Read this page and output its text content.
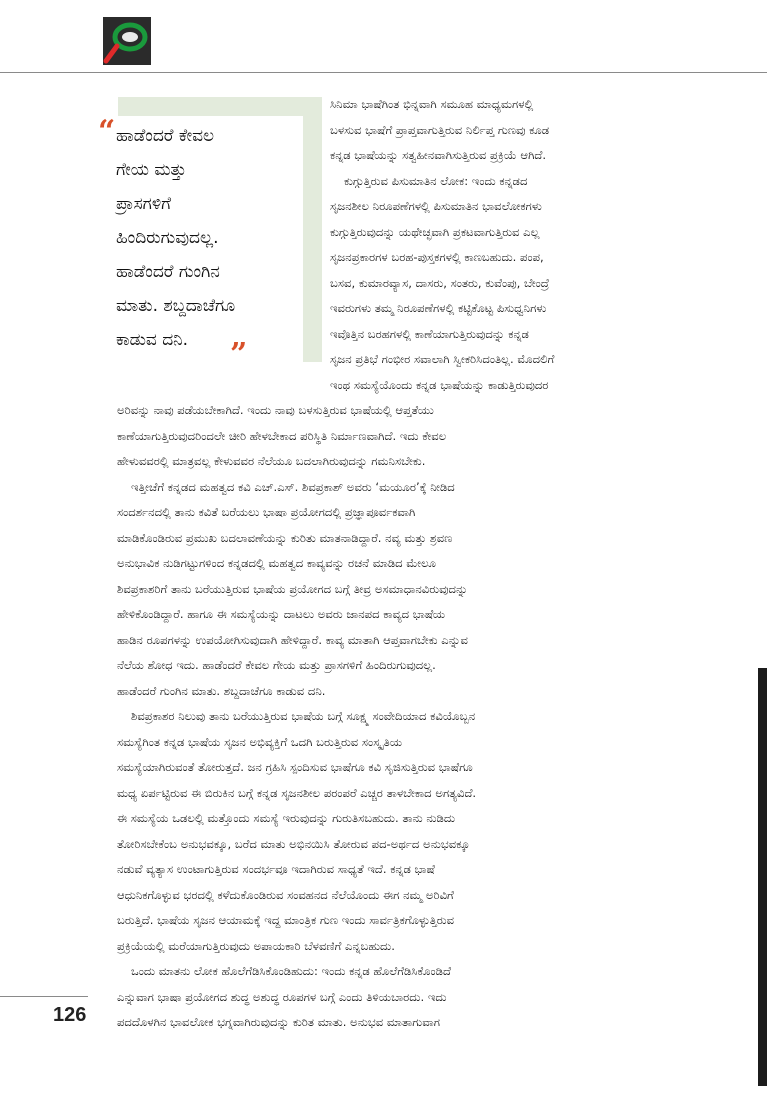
“ ಹಾಡೆಂದರೆ ಕೇವಲ
ಗೇಯ ಮತ್ತು
ಪ್ರಾಸಗಳಿಗೆ
ಹಿಂದಿರುಗುವುದಲ್ಲ.
ಹಾಡೆಂದರೆ ಗುಂಗಿನ
ಮಾತು. ಶಬ್ದದಾಚೆಗೂ
ಕಾಡುವ ದನಿ. ”
ಸಿನಿಮಾ ಭಾಷೆಗಿಂತ ಭಿನ್ನವಾಗಿ ಸಮೂಹ ಮಾಧ್ಯಮಗಳಲ್ಲಿ
ಬಳಸುವ ಭಾಷೆಗೆ ಪ್ರಾಪ್ತವಾಗುತ್ತಿರುವ ನಿರ್ಲಿಪ್ತ ಗುಣವು ಕೂಡ
ಕನ್ನಡ ಭಾಷೆಯನ್ನು ಸತ್ವಹೀನವಾಗಿಸುತ್ತಿರುವ ಪ್ರಕ್ರಿಯೆ ಆಗಿದೆ.
ಕುಗ್ಗುತ್ತಿರುವ ಪಿಸುಮಾತಿನ ಲೋಕ: ಇಂದು ಕನ್ನಡದ
ಸೃಜನಶೀಲ ನಿರೂಪಣೆಗಳಲ್ಲಿ ಪಿಸುಮಾತಿನ ಭಾವಲೋಕಗಳು
ಕುಗ್ಗುತ್ತಿರುವುದನ್ನು ಯಥೇಚ್ಛವಾಗಿ ಪ್ರಕಟವಾಗುತ್ತಿರುವ ಎಲ್ಲ
ಸೃಜನಪ್ರಕಾರಗಳ ಬರಹ-ಪುಸ್ತಕಗಳಲ್ಲಿ ಕಾಣಬಹುದು. ಪಂಪ,
ಬಸವ, ಕುಮಾರವ್ಯಾಸ, ದಾಸರು, ಸಂತರು, ಕುವೆಂಪು, ಬೇಂದ್ರೆ
ಇವರುಗಳು ತಮ್ಮ ನಿರೂಪಣೆಗಳಲ್ಲಿ ಕಟ್ಟಿಕೊಟ್ಟ ಪಿಸುಧ್ವನಿಗಳು
ಇವೊತ್ತಿನ ಬರಹಗಳಲ್ಲಿ ಕಾಣೆಯಾಗುತ್ತಿರುವುದನ್ನು ಕನ್ನಡ
ಸೃಜನ ಪ್ರತಿಭೆ ಗಂಭೀರ ಸವಾಲಾಗಿ ಸ್ವೀಕರಿಸಿದಂತಿಲ್ಲ. ಮೊದಲಿಗೆ
ಇಂಥ ಸಮಸ್ಯೆಯೊಂದು ಕನ್ನಡ ಭಾಷೆಯನ್ನು ಕಾಡುತ್ತಿರುವುದರ
ಅರಿವನ್ನು ನಾವು ಪಡೆಯಬೇಕಾಗಿದೆ. ಇಂದು ನಾವು ಬಳಸುತ್ತಿರುವ ಭಾಷೆಯಲ್ಲಿ ಆಪ್ತತೆಯು
ಕಾಣೆಯಾಗುತ್ತಿರುವುದರಿಂದಲೇ ಚೀರಿ ಹೇಳಬೇಕಾದ ಪರಿಸ್ಥಿತಿ ನಿರ್ಮಾಣವಾಗಿದೆ. ಇದು ಕೇವಲ
ಹೇಳುವವರಲ್ಲಿ ಮಾತ್ರವಲ್ಲ ಕೇಳುವವರ ನೆಲೆಯೂ ಬದಲಾಗಿರುವುದನ್ನು ಗಮನಿಸಬೇಕು.
ಇತ್ತೀಚೆಗೆ ಕನ್ನಡದ ಮಹತ್ವದ ಕವಿ ಎಚ್.ಎಸ್. ಶಿವಪ್ರಕಾಶ್ ಅವರು ‘ಮಯೂರ’ಕ್ಕೆ ನೀಡಿದ
ಸಂದರ್ಶನದಲ್ಲಿ ತಾನು ಕವಿತೆ ಬರೆಯಲು ಭಾಷಾ ಪ್ರಯೋಗದಲ್ಲಿ ಪ್ರಜ್ಞಾಪೂರ್ವಕವಾಗಿ
ಮಾಡಿಕೊಂಡಿರುವ ಪ್ರಮುಖ ಬದಲಾವಣೆಯನ್ನು ಕುರಿತು ಮಾತನಾಡಿದ್ದಾರೆ. ನವ್ಯ ಮತ್ತು ಶ್ರವಣ
ಅನುಭಾವಿಕ ನುಡಿಗಟ್ಟುಗಳಿಂದ ಕನ್ನಡದಲ್ಲಿ ಮಹತ್ವದ ಕಾವ್ಯವನ್ನು ರಚನೆ ಮಾಡಿದ ಮೇಲೂ
ಶಿವಪ್ರಕಾಶರಿಗೆ ತಾನು ಬರೆಯುತ್ತಿರುವ ಭಾಷೆಯ ಪ್ರಯೋಗದ ಬಗ್ಗೆ ತೀವ್ರ ಅಸಮಾಧಾನವಿರುವುದನ್ನು
ಹೇಳಿಕೊಂಡಿದ್ದಾರೆ. ಹಾಗೂ ಈ ಸಮಸ್ಯೆಯನ್ನು ದಾಟಲು ಅವರು ಜಾನಪದ ಕಾವ್ಯದ ಭಾಷೆಯ
ಹಾಡಿನ ರೂಪಗಳನ್ನು ಉಪಯೋಗಿಸುವುದಾಗಿ ಹೇಳಿದ್ದಾರೆ. ಕಾವ್ಯ ಮಾತಾಗಿ ಆಪ್ತವಾಗಬೇಕು ಎನ್ನುವ
ನೆಲೆಯ ಶೋಧ ಇದು. ಹಾಡೆಂದರೆ ಕೇವಲ ಗೇಯ ಮತ್ತು ಪ್ರಾಸಗಳಿಗೆ ಹಿಂದಿರುಗುವುದಲ್ಲ.
ಹಾಡೆಂದರೆ ಗುಂಗಿನ ಮಾತು. ಶಬ್ದದಾಚೆಗೂ ಕಾಡುವ ದನಿ.
ಶಿವಪ್ರಕಾಶರ ನಿಲುವು ತಾನು ಬರೆಯುತ್ತಿರುವ ಭಾಷೆಯ ಬಗ್ಗೆ ಸೂಕ್ಷ್ಮ ಸಂವೇದಿಯಾದ ಕವಿಯೊಬ್ಬನ
ಸಮಸ್ಯೆಗಿಂತ ಕನ್ನಡ ಭಾಷೆಯ ಸೃಜನ ಅಭಿವ್ಯಕ್ತಿಗೆ ಒದಗಿ ಬರುತ್ತಿರುವ ಸಂಸ್ಕೃತಿಯ
ಸಮಸ್ಯೆಯಾಗಿರುವಂತೆ ತೋರುತ್ತದೆ. ಜನ ಗ್ರಹಿಸಿ ಸ್ಪಂದಿಸುವ ಭಾಷೆಗೂ ಕವಿ ಸೃಜಿಸುತ್ತಿರುವ ಭಾಷೆಗೂ
ಮಧ್ಯ ಏರ್ಪಟ್ಟಿರುವ ಈ ಬಿರುಕಿನ ಬಗ್ಗೆ ಕನ್ನಡ ಸೃಜನಶೀಲ ಪರಂಪರೆ ಎಚ್ಚರ ತಾಳಬೇಕಾದ ಅಗತ್ಯವಿದೆ.
ಈ ಸಮಸ್ಯೆಯ ಒಡಲಲ್ಲಿ ಮತ್ತೊಂದು ಸಮಸ್ಯೆ ಇರುವುದನ್ನು ಗುರುತಿಸಬಹುದು. ತಾನು ನುಡಿದು
ತೋರಿಸಬೇಕೆಂಬ ಅನುಭವಕ್ಕೂ, ಬರೆದ ಮಾತು ಅಭಿನಯಿಸಿ ತೋರುವ ಪದ-ಅರ್ಥದ ಅನುಭವಕ್ಕೂ
ನಡುವೆ ವ್ಯತ್ಯಾಸ ಉಂಟಾಗುತ್ತಿರುವ ಸಂದರ್ಭವೂ ಇದಾಗಿರುವ ಸಾಧ್ಯತೆ ಇದೆ. ಕನ್ನಡ ಭಾಷೆ
ಆಧುನಿಕಗೊಳ್ಳುವ ಭರದಲ್ಲಿ ಕಳೆದುಕೊಂಡಿರುವ ಸಂವಹನದ ನೆಲೆಯೊಂದು ಈಗ ನಮ್ಮ ಅರಿವಿಗೆ
ಬರುತ್ತಿದೆ. ಭಾಷೆಯ ಸೃಜನ ಆಯಾಮಕ್ಕೆ ಇದ್ದ ಮಾಂತ್ರಿಕ ಗುಣ ಇಂದು ಸಾರ್ವತ್ರಿಕಗೊಳ್ಳುತ್ತಿರುವ
ಪ್ರಕ್ರಿಯೆಯಲ್ಲಿ ಮರೆಯಾಗುತ್ತಿರುವುದು ಅಪಾಯಕಾರಿ ಬೆಳವಣಿಗೆ ಎನ್ನಬಹುದು.
ಒಂದು ಮಾತನು ಲೋಕ ಹೊಲೆಗೆಡಿಸಿಕೊಂಡಿಹುದು: ಇಂದು ಕನ್ನಡ ಹೊಲೆಗೆಡಿಸಿಕೊಂಡಿದೆ
ಎನ್ನುವಾಗ ಭಾಷಾ ಪ್ರಯೋಗದ ಶುದ್ಧ ಅಶುದ್ಧ ರೂಪಗಳ ಬಗ್ಗೆ ಎಂದು ತಿಳಿಯಬಾರದು. ಇದು
ಪದದೊಳಗಿನ ಭಾವಲೋಕ ಭಗ್ನವಾಗಿರುವುದನ್ನು ಕುರಿತ ಮಾತು. ಅನುಭವ ಮಾತಾಗುವಾಗ
126
